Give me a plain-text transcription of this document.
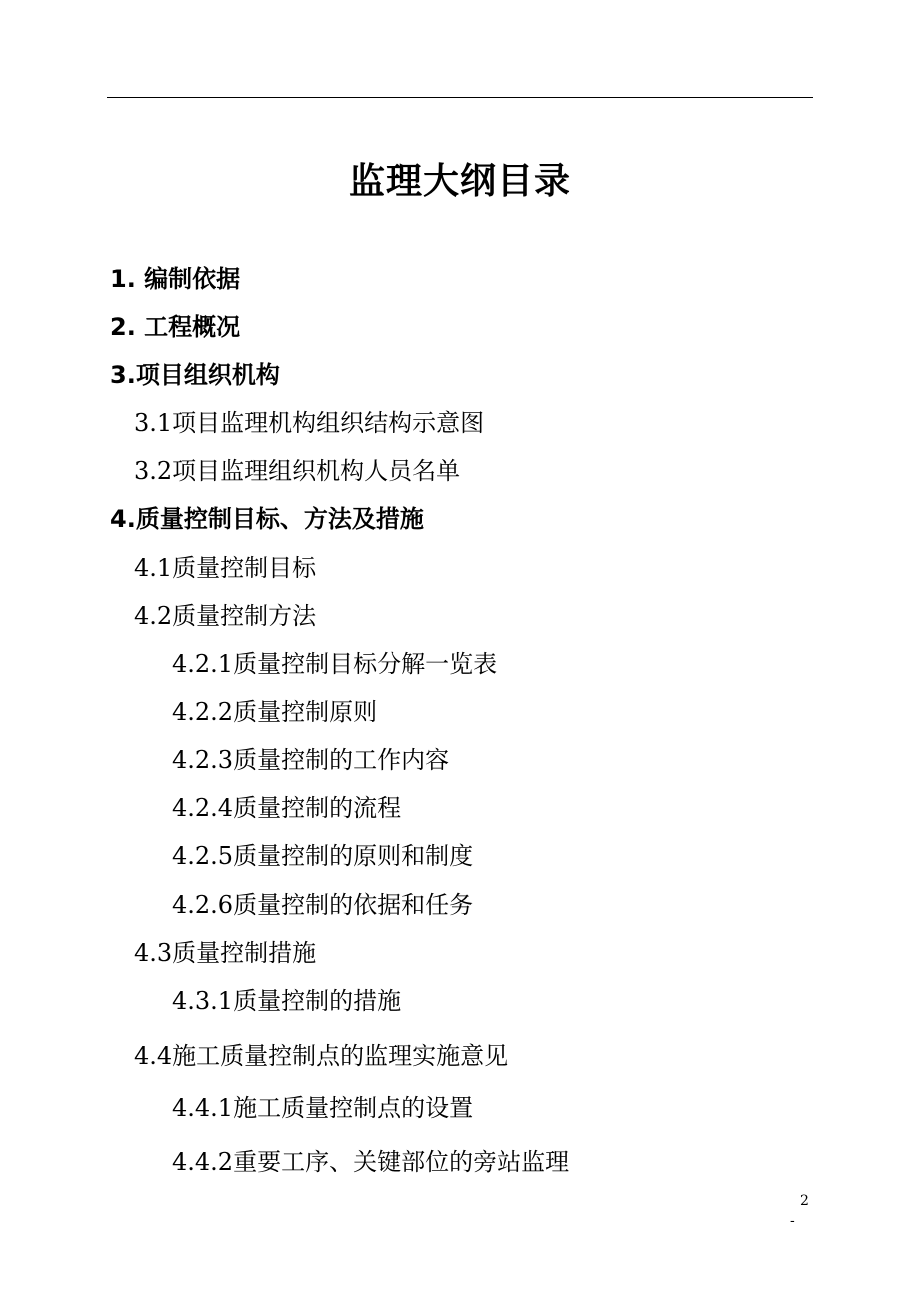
监理大纲目录
1. 编制依据
2. 工程概况
3.项目组织机构
3.1项目监理机构组织结构示意图
3.2项目监理组织机构人员名单
4.质量控制目标、方法及措施
4.1质量控制目标
4.2质量控制方法
4.2.1质量控制目标分解一览表
4.2.2质量控制原则
4.2.3质量控制的工作内容
4.2.4质量控制的流程
4.2.5质量控制的原则和制度
4.2.6质量控制的依据和任务
4.3质量控制措施
4.3.1质量控制的措施
4.4施工质量控制点的监理实施意见
4.4.1施工质量控制点的设置
4.4.2重要工序、关键部位的旁站监理
2
-
